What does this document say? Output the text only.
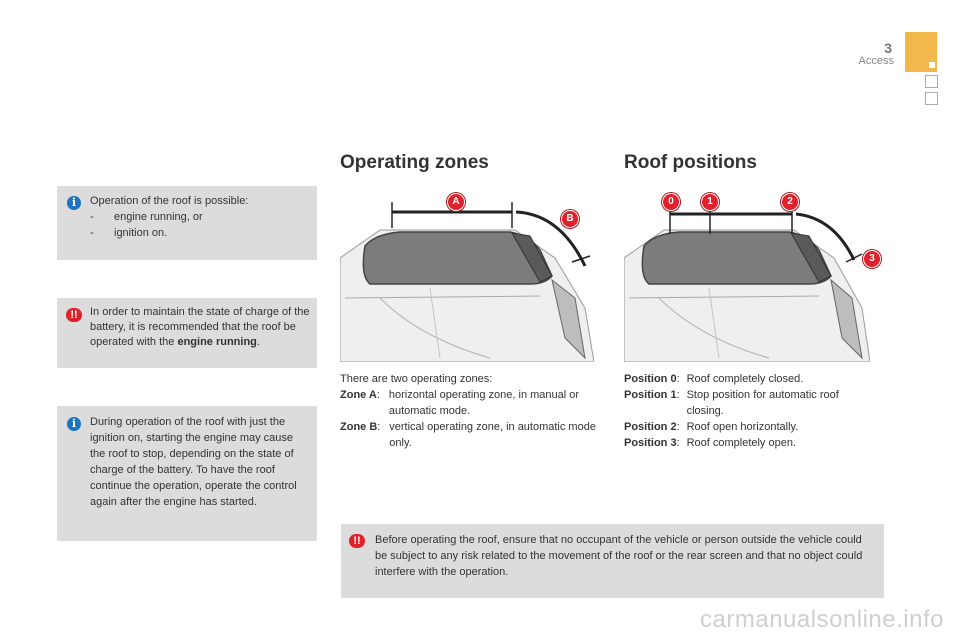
3
Access
i	Operation of the roof is possible:

-	engine running, or
-	ignition on.
!!	In order to maintain the state of charge of the battery, it is recommended that the roof be operated with the engine running.
i	During operation of the roof with just the ignition on, starting the engine may cause the roof to stop, depending on the state of charge of the battery. To have the roof continue the operation, operate the control again after the engine has started.
Operating zones
A
B
There are two operating zones:
Zone A : horizontal operating zone, in manual or automatic mode.
Zone B : vertical operating zone, in automatic mode only.
Roof positions
0	1	2
3
Position 0 : Roof completely closed.
Position 1 : Stop position for automatic roof closing.
Position 2 : Roof open horizontally.
Position 3 : Roof completely open.
!!	Before operating the roof, ensure that no occupant of the vehicle or person outside the vehicle could be subject to any risk related to the movement of the roof or the rear screen and that no object could interfere with the operation.
carmanualsonline.info
